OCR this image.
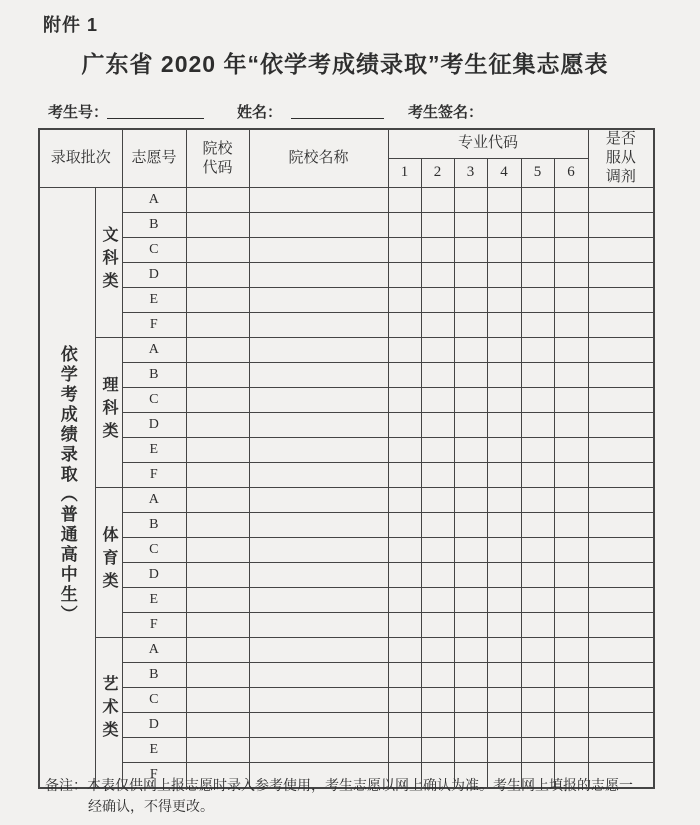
附件 1
广东省 2020 年“依学考成绩录取”考生征集志愿表
考生号：	姓名：	考生签名：
录取批次		志愿号	院校代码	院校名称	专业代码						是否服从调剂
					1	2	3	4	5	6	
依学考成绩录取（普通高中生）	文科类	A									
		B									
		C									
		D									
		E									
		F									
	理科类	A									
		B									
		C									
		D									
		E									
		F									
	体育类	A									
		B									
		C									
		D									
		E									
		F									
	艺术类	A									
		B									
		C									
		D									
		E									
		F									
备注：本表仅供网上报志愿时录入参考使用，考生志愿以网上确认为准。考生网上填报的志愿一
经确认，不得更改。
